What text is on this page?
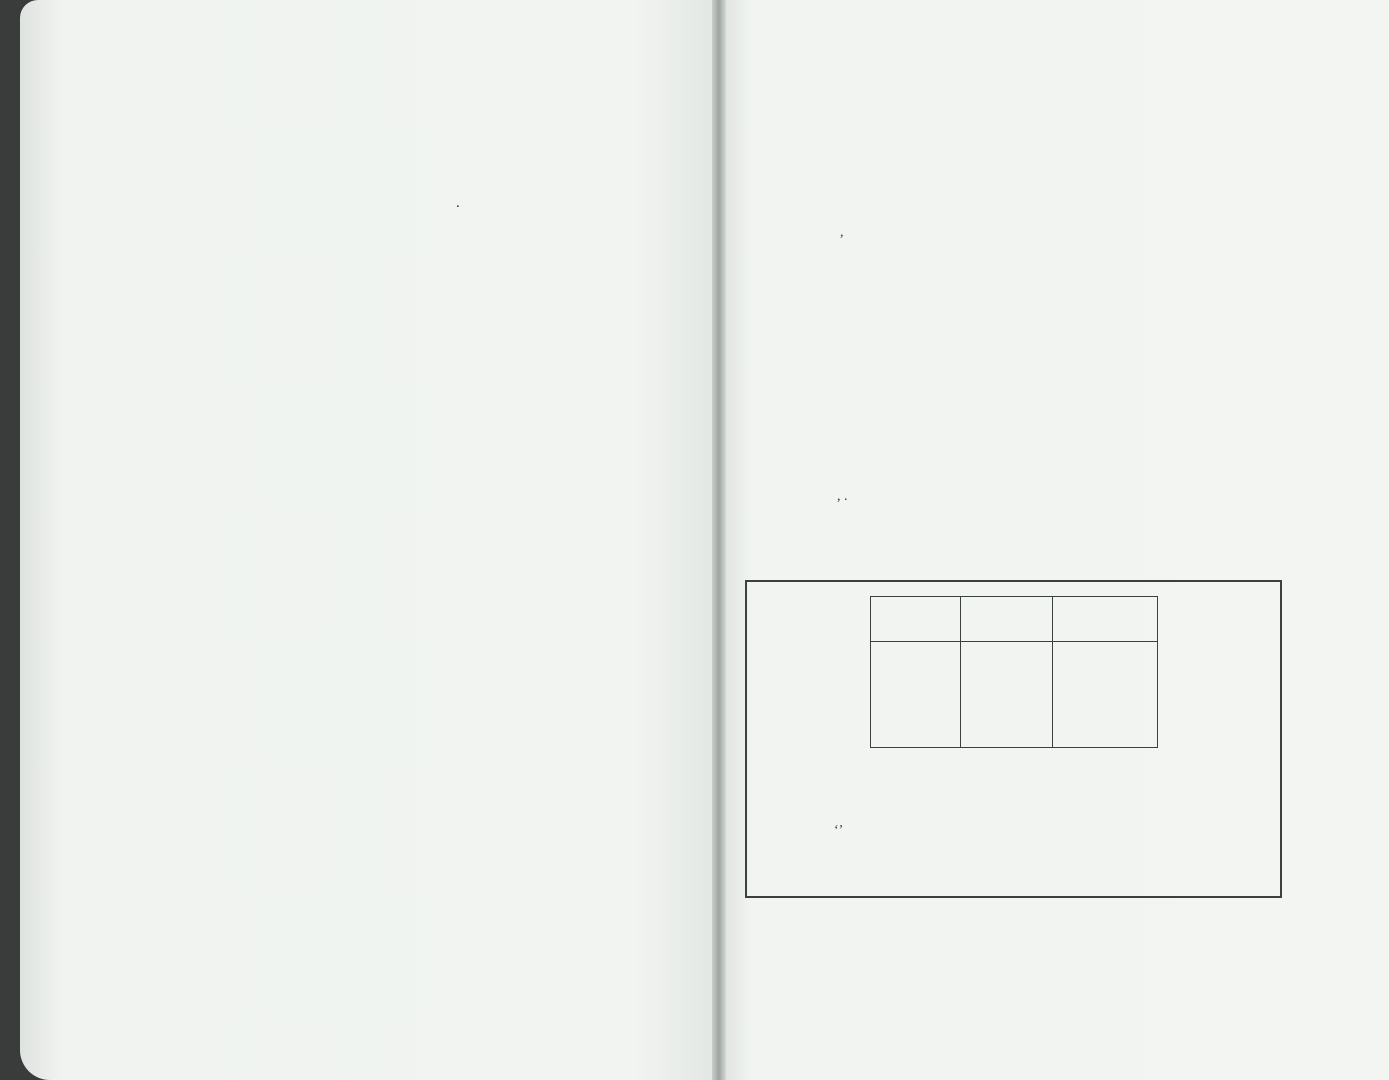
.
,
, .
‘’
